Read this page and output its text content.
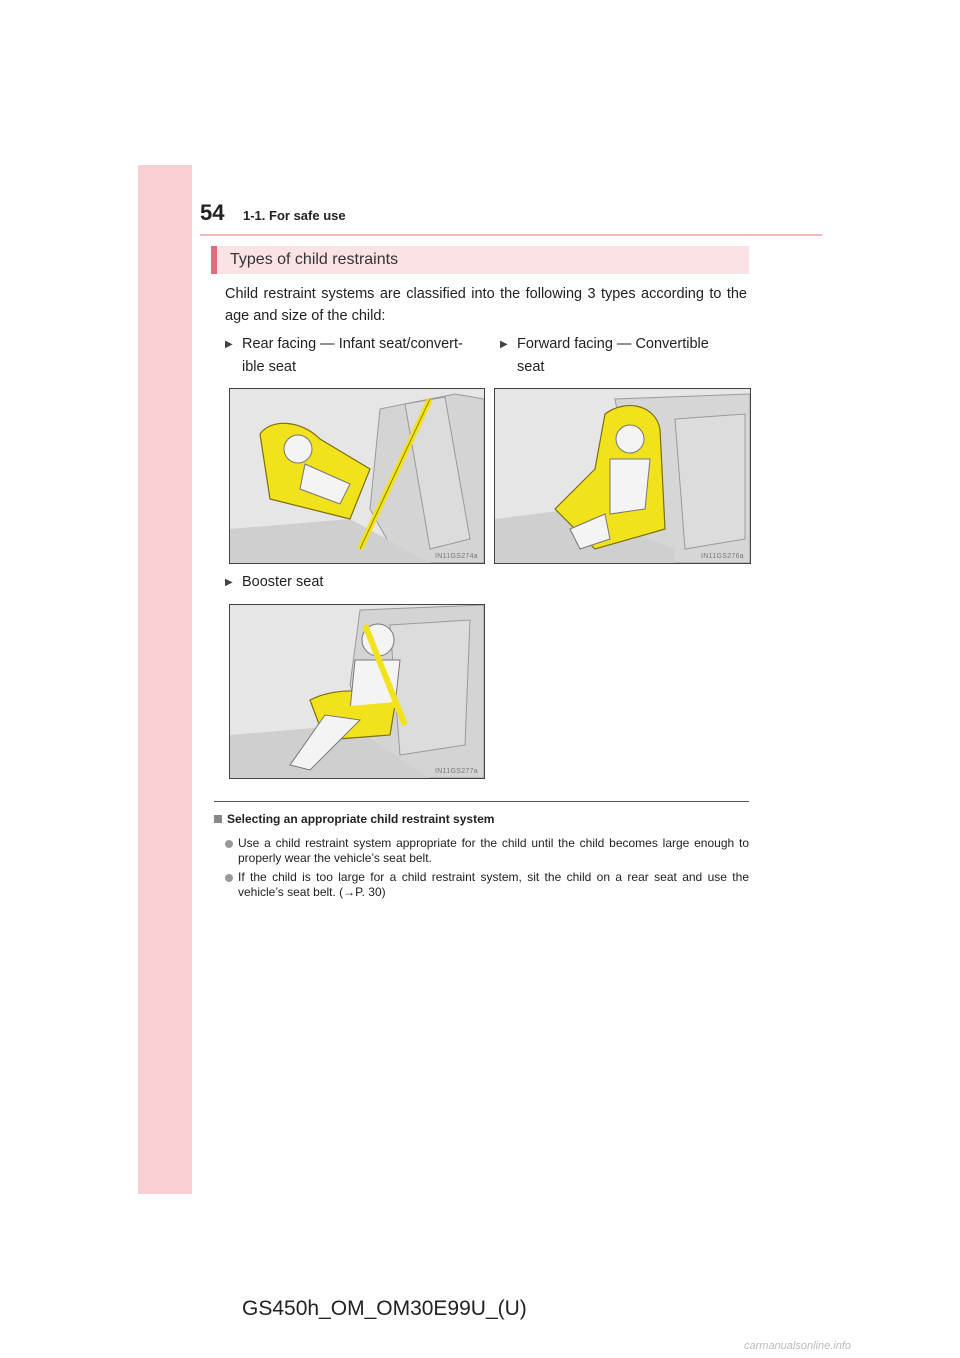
54 1-1. For safe use
Types of child restraints
Child restraint systems are classified into the following 3 types according to the age and size of the child:
▶ Rear facing — Infant seat/convert-
ible seat
▶ Forward facing — Convertible
seat
IN11GS274a	IN11GS276a
▶ Booster seat
IN11GS277a
Selecting an appropriate child restraint system
Use a child restraint system appropriate for the child until the child becomes large enough to properly wear the vehicle’s seat belt.
If the child is too large for a child restraint system, sit the child on a rear seat and use the vehicle’s seat belt. (→P. 30)
GS450h_OM_OM30E99U_(U)
carmanualsonline.info
